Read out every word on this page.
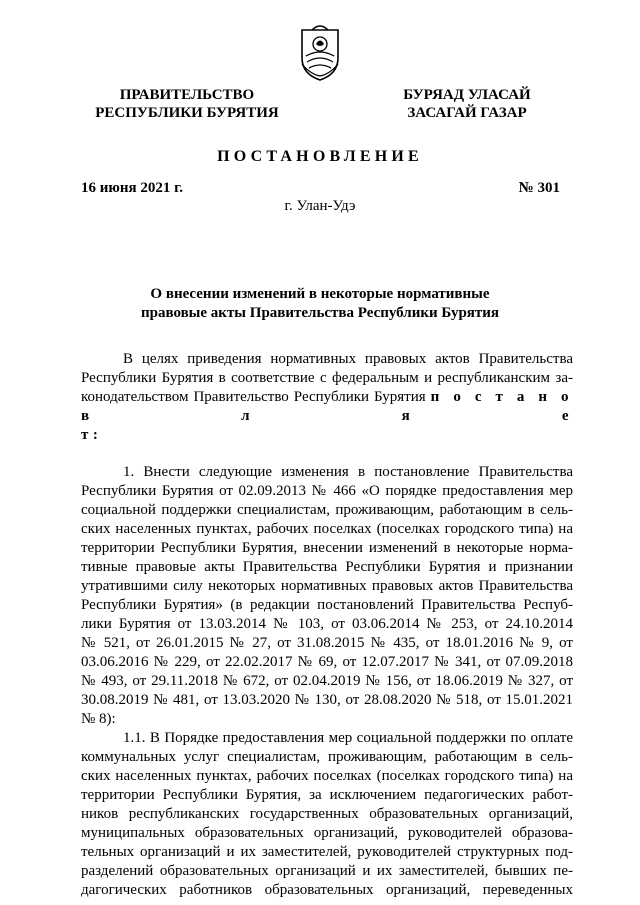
ПРАВИТЕЛЬСТВО
РЕСПУБЛИКИ БУРЯТИЯ
БУРЯАД УЛАСАЙ
ЗАСАГАЙ ГАЗАР
ПОСТАНОВЛЕНИЕ
16 июня 2021 г.	№ 301
г. Улан-Удэ
О внесении изменений в некоторые нормативные
правовые акты Правительства Республики Бурятия
В целях приведения нормативных правовых актов Правительства
Республики Бурятия в соответствие с федеральным и республиканским за-
конодательством Правительство Республики Бурятия п о с т а н о в л я е
т:
1. Внести следующие изменения в постановление Правительства
Республики Бурятия от 02.09.2013 № 466 «О порядке предоставления мер
социальной поддержки специалистам, проживающим, работающим в сель-
ских населенных пунктах, рабочих поселках (поселках городского типа) на
территории Республики Бурятия, внесении изменений в некоторые норма-
тивные правовые акты Правительства Республики Бурятия и признании
утратившими силу некоторых нормативных правовых актов Правительства
Республики Бурятия» (в редакции постановлений Правительства Респуб-
лики Бурятия от 13.03.2014 № 103, от 03.06.2014 № 253, от 24.10.2014
№ 521, от 26.01.2015 № 27, от 31.08.2015 № 435, от 18.01.2016 № 9, от
03.06.2016 № 229, от 22.02.2017 № 69, от 12.07.2017 № 341, от 07.09.2018
№ 493, от 29.11.2018 № 672, от 02.04.2019 № 156, от 18.06.2019 № 327, от
30.08.2019 № 481, от 13.03.2020 № 130, от 28.08.2020 № 518, от 15.01.2021
№ 8):
1.1. В Порядке предоставления мер социальной поддержки по оплате
коммунальных услуг специалистам, проживающим, работающим в сель-
ских населенных пунктах, рабочих поселках (поселках городского типа) на
территории Республики Бурятия, за исключением педагогических работ-
ников республиканских государственных образовательных организаций,
муниципальных образовательных организаций, руководителей образова-
тельных организаций и их заместителей, руководителей структурных под-
разделений образовательных организаций и их заместителей, бывших пе-
дагогических работников образовательных организаций, переведенных
